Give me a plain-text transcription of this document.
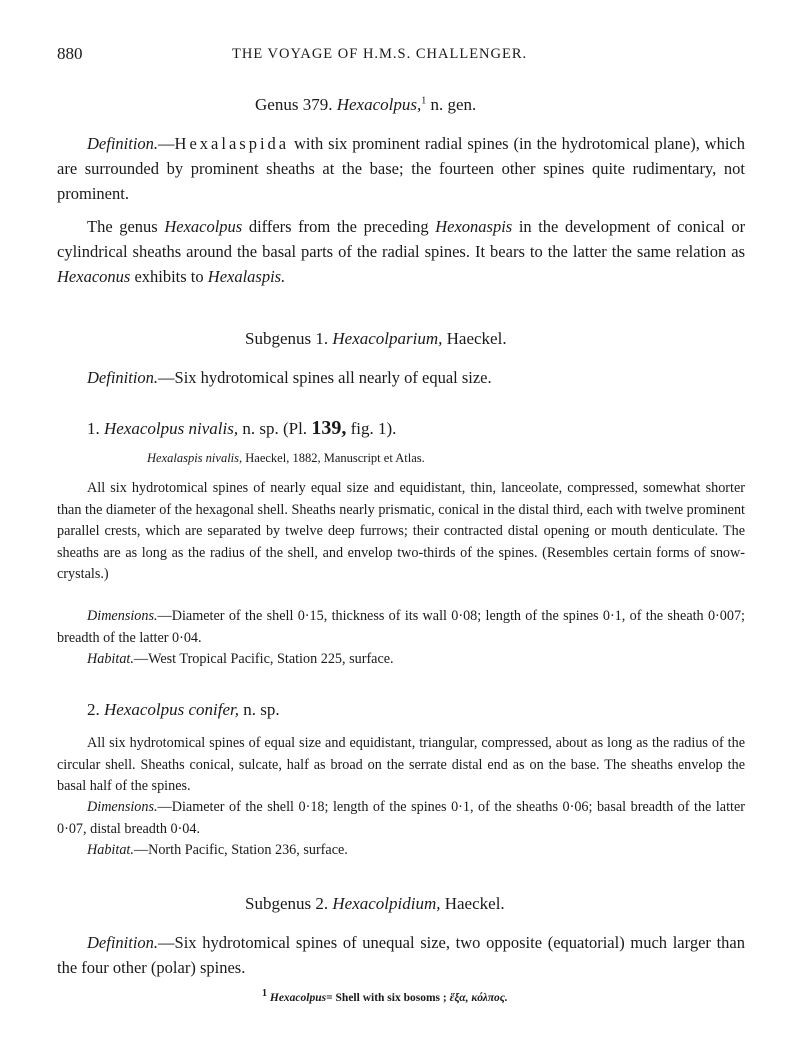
880	THE VOYAGE OF H.M.S. CHALLENGER.
Genus 379. Hexacolpus,$^1$ n. gen.
Definition.—Hexalaspida with six prominent radial spines (in the hydrotomical plane), which are surrounded by prominent sheaths at the base; the fourteen other spines quite rudimentary, not prominent.
The genus Hexacolpus differs from the preceding Hexonaspis in the development of conical or cylindrical sheaths around the basal parts of the radial spines. It bears to the latter the same relation as Hexaconus exhibits to Hexalaspis.
Subgenus 1. Hexacolparium, Haeckel.
Definition.—Six hydrotomical spines all nearly of equal size.
1. Hexacolpus nivalis, n. sp. (Pl. 139, fig. 1).
Hexalaspis nivalis, Haeckel, 1882, Manuscript et Atlas.
All six hydrotomical spines of nearly equal size and equidistant, thin, lanceolate, compressed, somewhat shorter than the diameter of the hexagonal shell. Sheaths nearly prismatic, conical in the distal third, each with twelve prominent parallel crests, which are separated by twelve deep furrows; their contracted distal opening or mouth denticulate. The sheaths are as long as the radius of the shell, and envelop two-thirds of the spines. (Resembles certain forms of snow-crystals.)
Dimensions.—Diameter of the shell 0·15, thickness of its wall 0·08; length of the spines 0·1, of the sheath 0·007; breadth of the latter 0·04.
Habitat.—West Tropical Pacific, Station 225, surface.
2. Hexacolpus conifer, n. sp.
All six hydrotomical spines of equal size and equidistant, triangular, compressed, about as long as the radius of the circular shell. Sheaths conical, sulcate, half as broad on the serrate distal end as on the base. The sheaths envelop the basal half of the spines.
Dimensions.—Diameter of the shell 0·18; length of the spines 0·1, of the sheaths 0·06; basal breadth of the latter 0·07, distal breadth 0·04.
Habitat.—North Pacific, Station 236, surface.
Subgenus 2. Hexacolpidium, Haeckel.
Definition.—Six hydrotomical spines of unequal size, two opposite (equatorial) much larger than the four other (polar) spines.
$^1$ Hexacolpus= Shell with six bosoms ; ἕξα, κόλπος.
